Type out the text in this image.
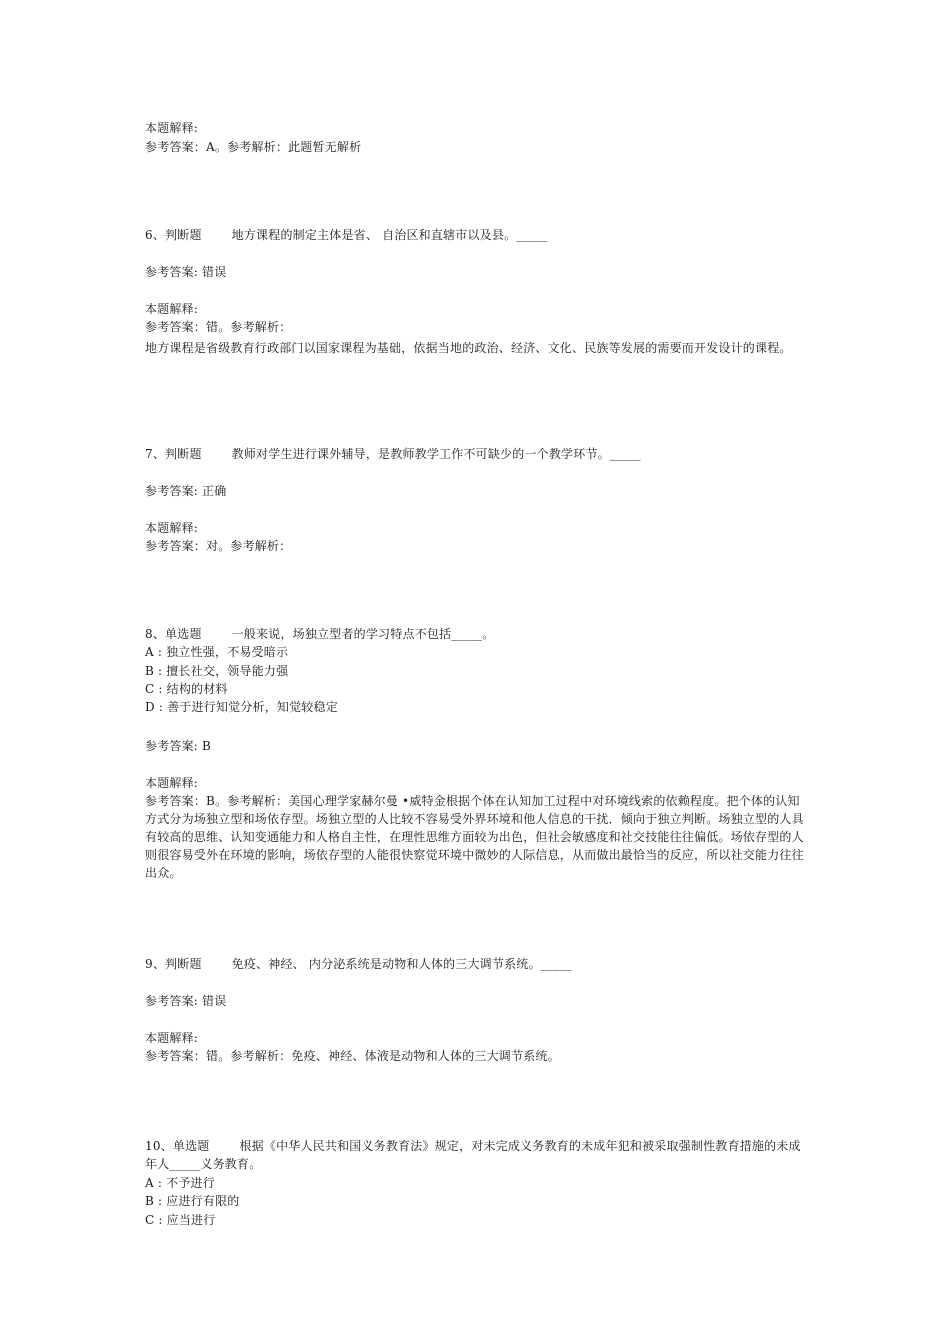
本题解释:
参考答案：A。参考解析：此题暂无解析
6、判断题	地方课程的制定主体是省、 自治区和直辖市以及县。_____
参考答案: 错误
本题解释:
参考答案：错。参考解析：
地方课程是省级教育行政部门以国家课程为基础，依据当地的政治、经济、文化、民族等发展的需要而开发设计的课程。
7、判断题	教师对学生进行课外辅导，是教师教学工作不可缺少的一个教学环节。_____
参考答案: 正确
本题解释:
参考答案：对。参考解析：
8、单选题	一般来说，场独立型者的学习特点不包括_____。
A : 独立性强，不易受暗示
B : 擅长社交，领导能力强
C : 结构的材料
D : 善于进行知觉分析，知觉较稳定
参考答案: B
本题解释:
参考答案：B。参考解析：美国心理学家赫尔曼 •威特金根据个体在认知加工过程中对环境线索的依赖程度。把个体的认知方式分为场独立型和场依存型。场独立型的人比较不容易受外界环境和他人信息的干扰．倾向于独立判断。场独立型的人具有较高的思维、认知变通能力和人格自主性，在理性思维方面较为出色，但社会敏感度和社交技能往往偏低。场依存型的人则很容易受外在环境的影响，场依存型的人能很快察觉环境中微妙的人际信息，从而做出最恰当的反应，所以社交能力往往出众。
9、判断题	免疫、神经、 内分泌系统是动物和人体的三大调节系统。_____
参考答案: 错误
本题解释:
参考答案：错。参考解析：免疫、神经、体液是动物和人体的三大调节系统。
10、单选题	根据《中华人民共和国义务教育法》规定，对未完成义务教育的未成年犯和被采取强制性教育措施的未成年人_____义务教育。
A : 不予进行
B : 应进行有限的
C : 应当进行
